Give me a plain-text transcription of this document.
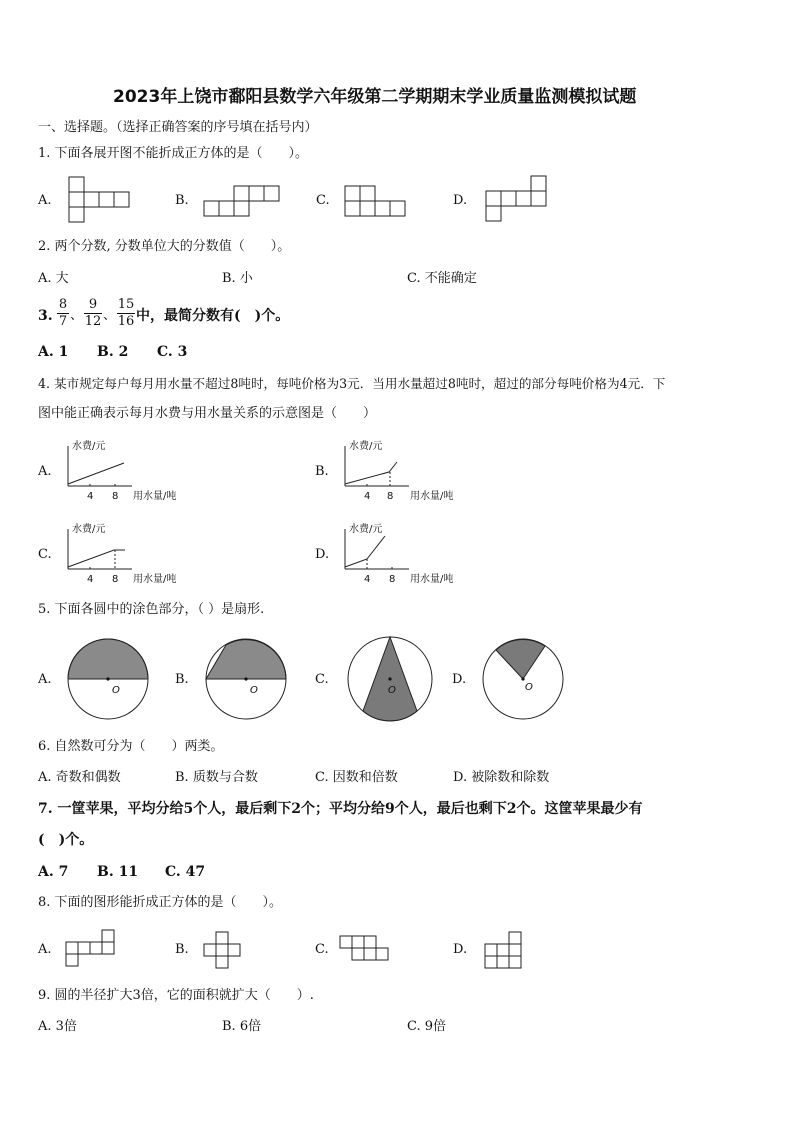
2023年上饶市鄱阳县数学六年级第二学期期末学业质量监测模拟试题
一、选择题。（选择正确答案的序号填在括号内）
1. 下面各展开图不能折成正方体的是（　　）。
A.	B.	C.	D.
2. 两个分数, 分数单位大的分数值（　　）。
A. 大	B. 小	C. 不能确定
3.
8
7 、
9
12 、
15
16 中，最简分数有(　)个。
A. 1 B. 2 C. 3
4. 某市规定每户每月用水量不超过8吨时，每吨价格为3元．当用水量超过8吨时，超过的部分每吨价格为4元．下
图中能正确表示每月水费与用水量关系的示意图是（　　）
A.	B.
C.	D.
水费/元
4 8 用水量/吨
水费/元
4 8 用水量/吨
水费/元
4 8 用水量/吨
水费/元
4 8 用水量/吨
5. 下面各圆中的涂色部分，（ ）是扇形.
A.	B.	C.	D.
O	O	O	O
6. 自然数可分为（　　）两类。
A. 奇数和偶数	B. 质数与合数	C. 因数和倍数	D. 被除数和除数
7. 一筐苹果，平均分给5个人，最后剩下2个；平均分给9个人，最后也剩下2个。这筐苹果最少有
(　)个。
A. 7 B. 11 C. 47
8. 下面的图形能折成正方体的是（　　）。
A.	B.	C.	D.
9. 圆的半径扩大3倍，它的面积就扩大（　　）.
A. 3倍	B. 6倍	C. 9倍
